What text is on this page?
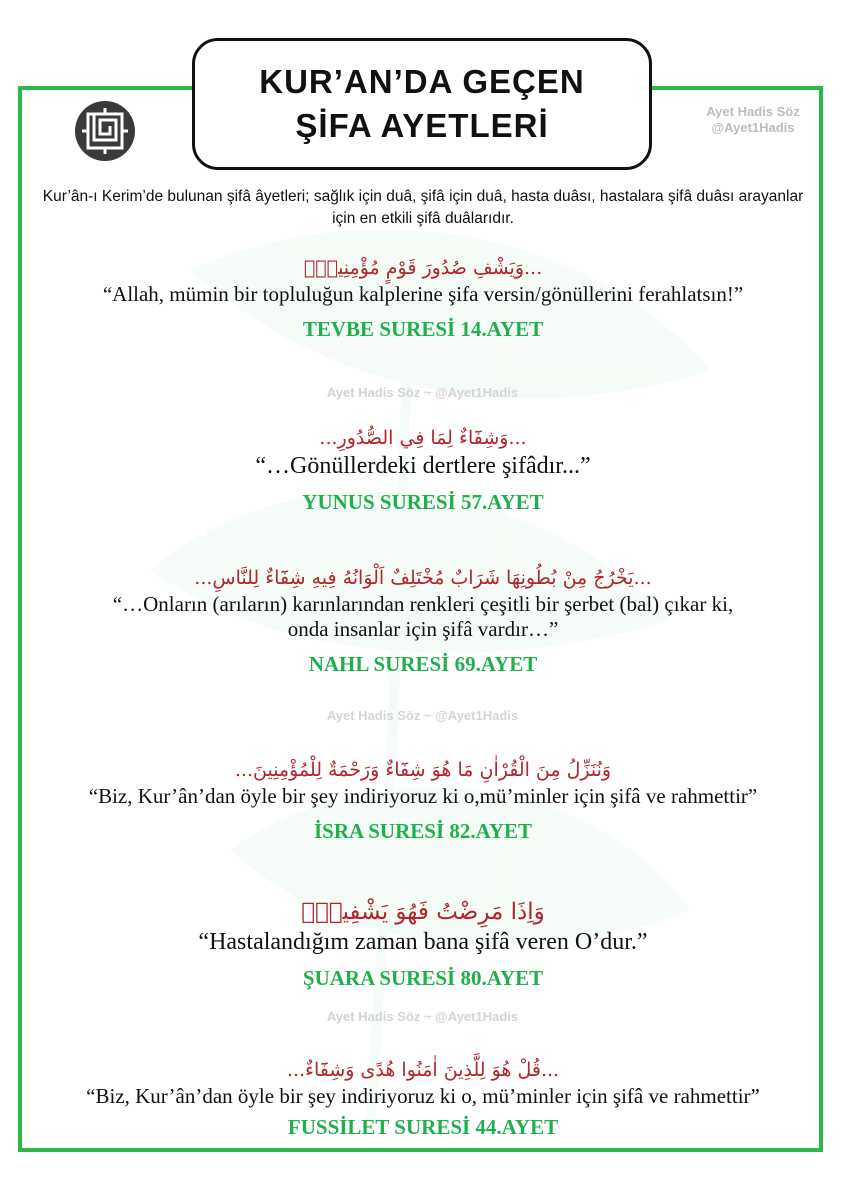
KUR’AN’DA GEÇEN
ŞİFA AYETLERİ	Ayet Hadis Söz
@Ayet1Hadis
Kur’ân-ı Kerim’de bulunan şifâ âyetleri; sağlık için duâ, şifâ için duâ, hasta duâsı, hastalara şifâ duâsı arayanlar için en etkili şifâ duâlarıdır.
...وَيَشْفِ صُدُورَ قَوْمٍ مُؤْمِنِينَۙ
“Allah, mümin bir topluluğun kalplerine şifa versin/gönüllerini ferahlatsın!”
TEVBE SURESİ 14.AYET
Ayet Hadis Söz ~ @Ayet1Hadis
...وَشِفَٓاءٌ لِمَا فِي الصُّدُورِ...
“…Gönüllerdeki dertlere şifâdır...”
YUNUS SURESİ 57.AYET
...يَخْرُجُ مِنْ بُطُونِهَا شَرَابٌ مُخْتَلِفٌ اَلْوَانُهُ فِيهِ شِفَٓاءٌ لِلنَّاسِ...
“…Onların (arıların) karınlarından renkleri çeşitli bir şerbet (bal) çıkar ki,
onda insanlar için şifâ vardır…”
NAHL SURESİ 69.AYET
Ayet Hadis Söz ~ @Ayet1Hadis
وَنُنَزِّلُ مِنَ الْقُرْاٰنِ مَا هُوَ شِفَٓاءٌ وَرَحْمَةٌ لِلْمُؤْمِنِينَ...
“Biz, Kur’ân’dan öyle bir şey indiriyoruz ki o,mü’minler için şifâ ve rahmettir”
İSRA SURESİ 82.AYET
وَاِذَا مَرِضْتُ فَهُوَ يَشْفِينِۙ
“Hastalandığım zaman bana şifâ veren O’dur.”
ŞUARA SURESİ 80.AYET
Ayet Hadis Söz ~ @Ayet1Hadis
...قُلْ هُوَ لِلَّذِينَ اٰمَنُوا هُدًى وَشِفَٓاءٌ...
“Biz, Kur’ân’dan öyle bir şey indiriyoruz ki o, mü’minler için şifâ ve rahmettir”
FUSSİLET SURESİ 44.AYET
